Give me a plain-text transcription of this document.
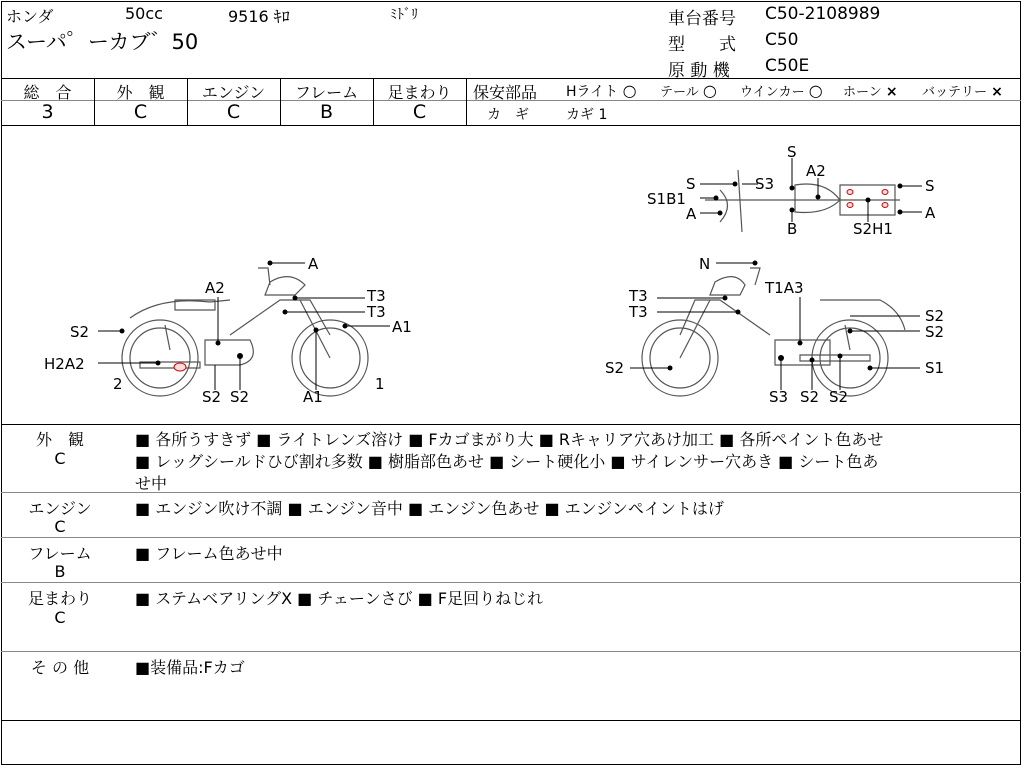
ホンダ	50cc	9516 ｷﾛ	ﾐﾄﾞﾘ
スーパ゜ーカブ゛50
車台番号 C50-2108989
型　　式 C50
原 動 機 C50E
総　合	外　観	エンジン	フレーム	足まわり
3	C	C	B	C
保安部品 Hライト ○ テール ○ ウインカー ○ ホーン × バッテリー ×
カ　ギ	カギ 1
A
A2	T3
T3
A1
S2
H2A2
2
S2 S2	A1
1
N
T3
T3
T1A3
S2
S2
S2	S1
S3 S2 S2
S
A2
S	S3
S1B1
A
B	S2H1
S
A
外　観
C
■ 各所うすきず ■ ライトレンズ溶け ■ Fカゴまがり大 ■ Rキャリア穴あけ加工 ■ 各所ペイント色あせ
■ レッグシールドひび割れ多数 ■ 樹脂部色あせ ■ シート硬化小 ■ サイレンサー穴あき ■ シート色あ
せ中
エンジン
C
■ エンジン吹け不調 ■ エンジン音中 ■ エンジン色あせ ■ エンジンペイントはげ
フレーム
B
■ フレーム色あせ中
足まわり
C
■ ステムベアリングX ■ チェーンさび ■ F足回りねじれ
そ の 他	■装備品:Fカゴ
